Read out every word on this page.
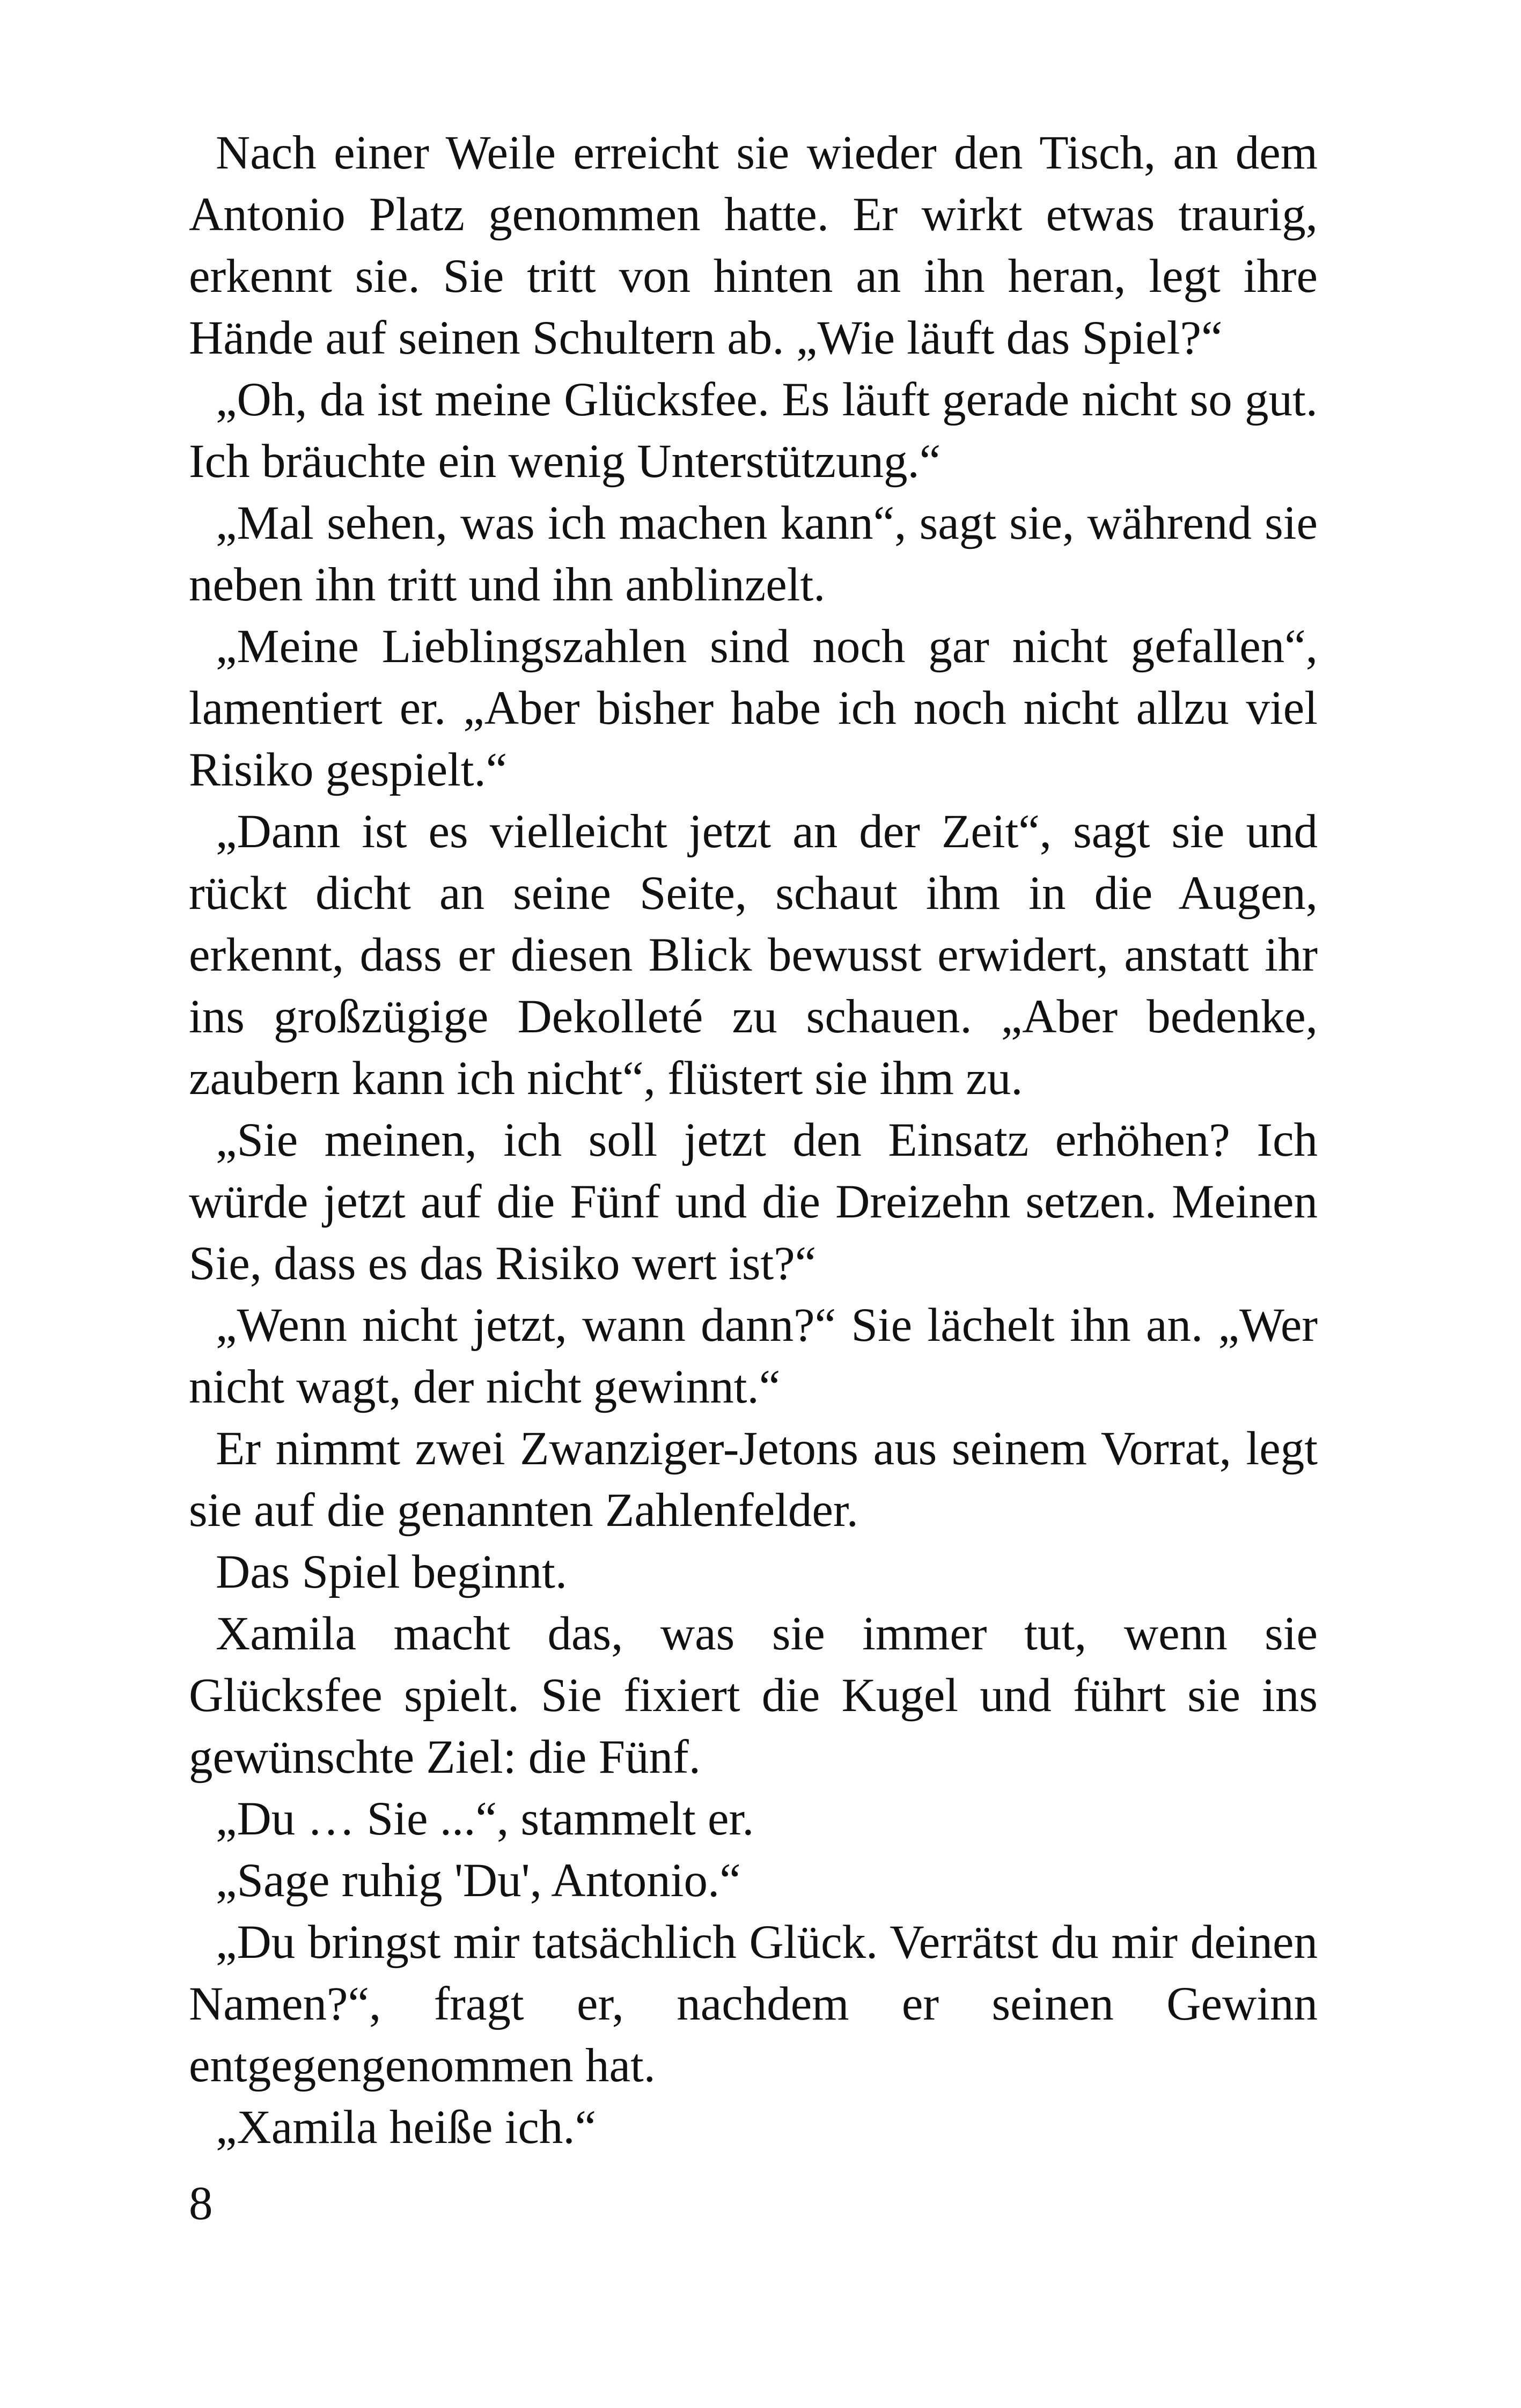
Nach einer Weile erreicht sie wieder den Tisch, an dem Antonio Platz genommen hatte. Er wirkt etwas traurig, erkennt sie. Sie tritt von hinten an ihn heran, legt ihre Hände auf seinen Schultern ab. „Wie läuft das Spiel?“

„Oh, da ist meine Glücksfee. Es läuft gerade nicht so gut. Ich bräuchte ein wenig Unterstützung.“

„Mal sehen, was ich machen kann“, sagt sie, während sie neben ihn tritt und ihn anblinzelt.

„Meine Lieblingszahlen sind noch gar nicht gefallen“, lamentiert er. „Aber bisher habe ich noch nicht allzu viel Risiko gespielt.“

„Dann ist es vielleicht jetzt an der Zeit“, sagt sie und rückt dicht an seine Seite, schaut ihm in die Augen, erkennt, dass er diesen Blick bewusst erwidert, anstatt ihr ins großzügige Dekolleté zu schauen. „Aber bedenke, zaubern kann ich nicht“, flüstert sie ihm zu.

„Sie meinen, ich soll jetzt den Einsatz erhöhen? Ich würde jetzt auf die Fünf und die Dreizehn setzen. Meinen Sie, dass es das Risiko wert ist?“

„Wenn nicht jetzt, wann dann?“ Sie lächelt ihn an. „Wer nicht wagt, der nicht gewinnt.“

Er nimmt zwei Zwanziger-Jetons aus seinem Vorrat, legt sie auf die genannten Zahlenfelder.

Das Spiel beginnt.

Xamila macht das, was sie immer tut, wenn sie Glücksfee spielt. Sie fixiert die Kugel und führt sie ins gewünschte Ziel: die Fünf.

„Du … Sie ...“, stammelt er.

„Sage ruhig 'Du', Antonio.“

„Du bringst mir tatsächlich Glück. Verrätst du mir deinen Namen?“, fragt er, nachdem er seinen Gewinn entgegengenommen hat.

„Xamila heiße ich.“

8
